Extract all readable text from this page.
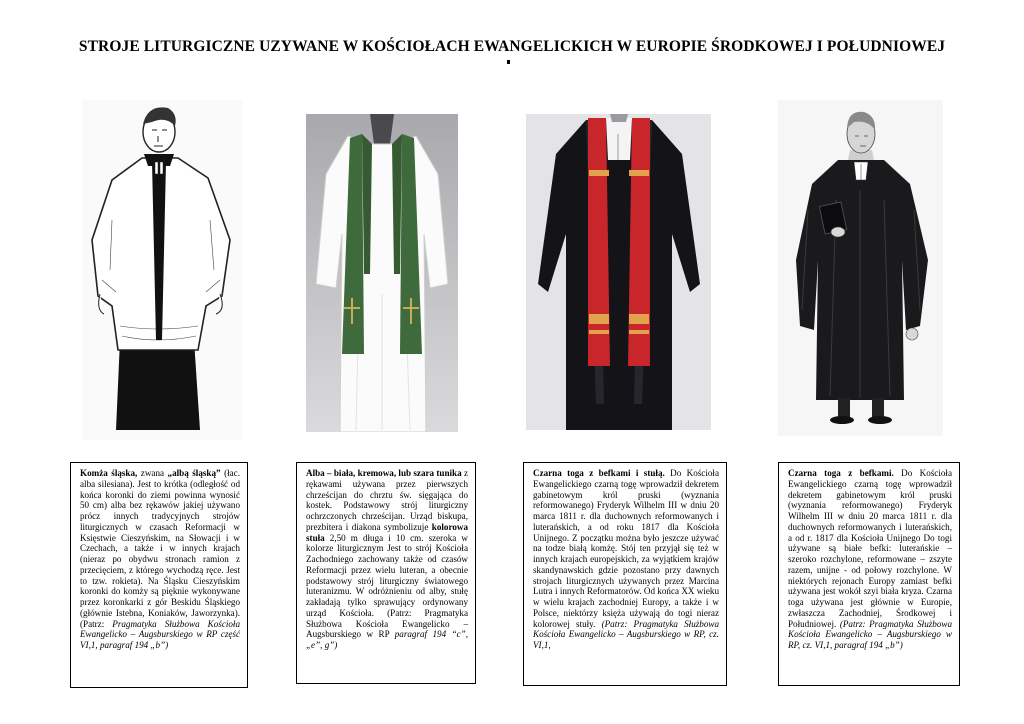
STROJE LITURGICZNE UZYWANE W KOŚCIOŁACH EWANGELICKICH W EUROPIE ŚRODKOWEJ I POŁUDNIOWEJ

Komża śląska, zwana „albą śląską” (łac. alba silesiana). Jest to krótka (odległość od końca koronki do ziemi powinna wynosić 50 cm) alba bez rękawów jakiej używano prócz innych tradycyjnych strojów liturgicznych w czasach Reformacji w Księstwie Cieszyńskim, na Słowacji i w Czechach, a także i w innych krajach (nieraz po obydwu stronach ramion z przecięciem, z którego wychodzą ręce. Jest to tzw. rokieta). Na Śląsku Cieszyńskim koronki do komży są pięknie wykonywane przez koronkarki z gór Beskidu Śląskiego (głównie Istebna, Koniaków, Jaworzynka). (Patrz: Pragmatyka Służbowa Kościoła Ewangelicko – Augsburskiego w RP część VI,1, paragraf 194 „b”)

Alba – biała, kremowa, lub szara tunika z rękawami używana przez pierwszych chrześcijan do chrztu św. sięgająca do kostek. Podstawowy strój liturgiczny ochrzczonych chrześcijan. Urząd biskupa, prezbitera i diakona symbolizuje kolorowa stuła 2,50 m długa i 10 cm. szeroka w kolorze liturgicznym Jest to strój Kościoła Zachodniego zachowany także od czasów Reformacji przez wielu luteran, a obecnie podstawowy strój liturgiczny światowego luteranizmu. W odróżnieniu od alby, stułę zakładają tylko sprawujący ordynowany urząd Kościoła. (Patrz: Pragmatyka Służbowa Kościoła Ewangelicko – Augsburskiego w RP paragraf 194 “c”, „e”, g”)

Czarna toga z befkami i stułą. Do Kościoła Ewangelickiego czarną togę wprowadził dekretem gabinetowym król pruski (wyznania reformowanego) Fryderyk Wilhelm III w dniu 20 marca 1811 r. dla duchownych reformowanych i luterańskich, a od roku 1817 dla Kościoła Unijnego. Z początku można było jeszcze używać na todze białą komżę. Stój ten przyjął się też w innych krajach europejskich, za wyjątkiem krajów skandynawskich gdzie pozostano przy dawnych strojach liturgicznych używanych przez Marcina Lutra i innych Reformatorów. Od końca XX wieku w wielu krajach zachodniej Europy, a także i w Polsce, niektórzy księża używają do togi nieraz kolorowej stuły. (Patrz: Pragmatyka Służbowa Kościoła Ewangelicko – Augsburskiego w RP, cz. VI,1,

Czarna toga z befkami. Do Kościoła Ewangelickiego czarną togę wprowadził dekretem gabinetowym król pruski (wyznania reformowanego) Fryderyk Wilhelm III w dniu 20 marca 1811 r. dla duchownych reformowanych i luterańskich, a od r. 1817 dla Kościoła Unijnego Do togi używane są białe befki: luterańskie – szeroko rozchylone, reformowane – zszyte razem, unijne - od połowy rozchylone. W niektórych rejonach Europy zamiast befki używana jest wokół szyi biała kryza. Czarna toga używana jest głównie w Europie, zwłaszcza Zachodniej, Środkowej i Południowej. (Patrz: Pragmatyka Służbowa Kościoła Ewangelicko – Augsburskiego w RP, cz. VI,1, paragraf 194 „b”)
